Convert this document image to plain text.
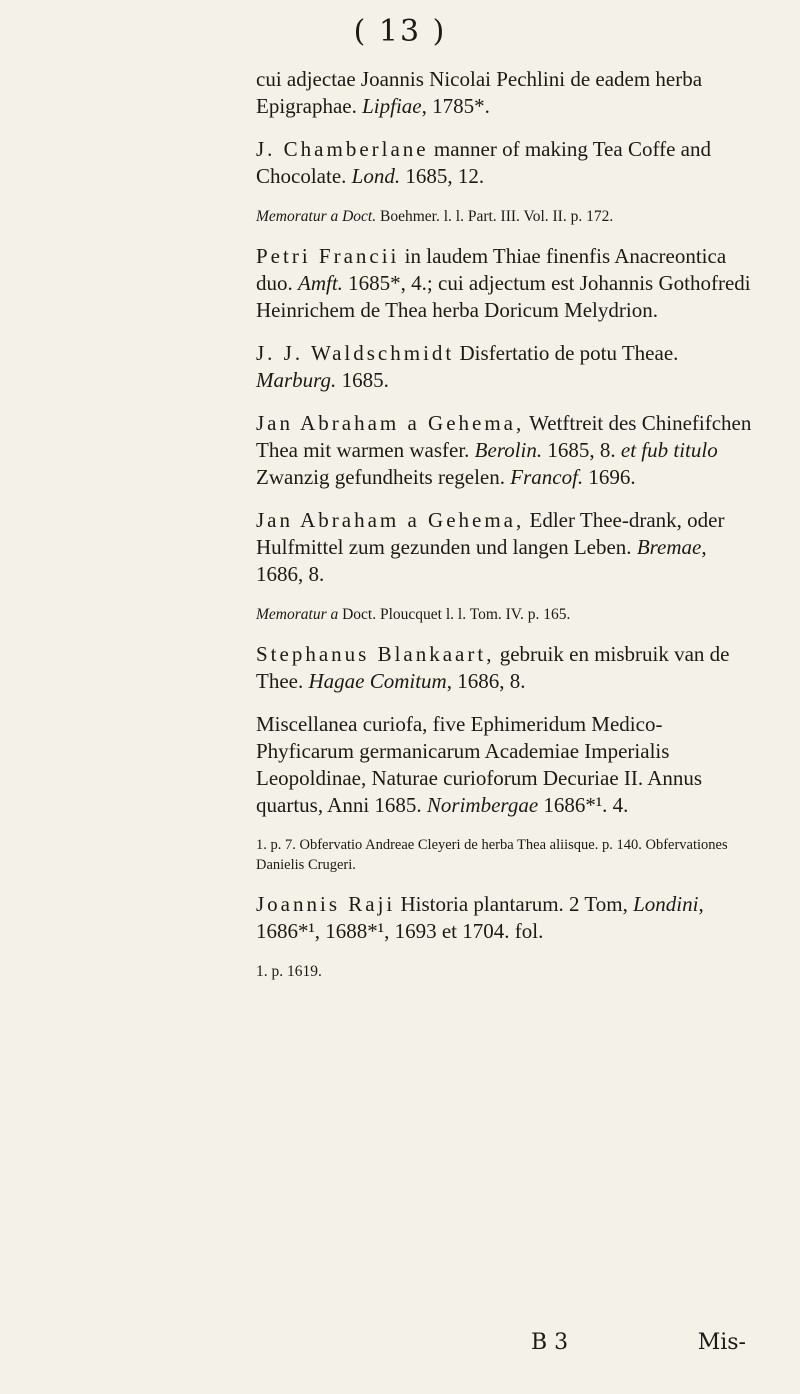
( 13 )

cui adjectae Joannis Nicolai Pechlini de eadem herba Epigraphae. Lipfiae, 1785*.

J. Chamberlane manner of making Tea Coffe and Chocolate. Lond. 1685, 12.

Memoratur a Doct. Boehmer. l. l. Part. III. Vol. II. p. 172.

Petri Francii in laudem Thiae finenfis Anacreontica duo. Amft. 1685*, 4.; cui adjectum est Johannis Gothofredi Heinrichem de Thea herba Doricum Melydrion.

J. J. Waldschmidt Disfertatio de potu Theae. Marburg. 1685.

Jan Abraham a Gehema, Wetftreit des Chinefifchen Thea mit warmen wasfer. Berolin. 1685, 8. et fub titulo Zwanzig gefundheits regelen. Francof. 1696.

Jan Abraham a Gehema, Edler Thee-drank, oder Hulfmittel zum gezunden und langen Leben. Bremae, 1686, 8.

Memoratur a Doct. Ploucquet l. l. Tom. IV. p. 165.

Stephanus Blankaart, gebruik en misbruik van de Thee. Hagae Comitum, 1686, 8.

Miscellanea curiofa, five Ephimeridum Medico-Phyficarum germanicarum Academiae Imperialis Leopoldinae, Naturae curioforum Decuriae II. Annus quartus, Anni 1685. Norimbergae 1686*¹. 4.

1. p. 7. Obfervatio Andreae Cleyeri de herba Thea aliisque. p. 140. Obfervationes Danielis Crugeri.

Joannis Raji Historia plantarum. 2 Tom, Londini, 1686*¹, 1688*¹, 1693 et 1704. fol.

1. p. 1619.

B 3	Mis-
